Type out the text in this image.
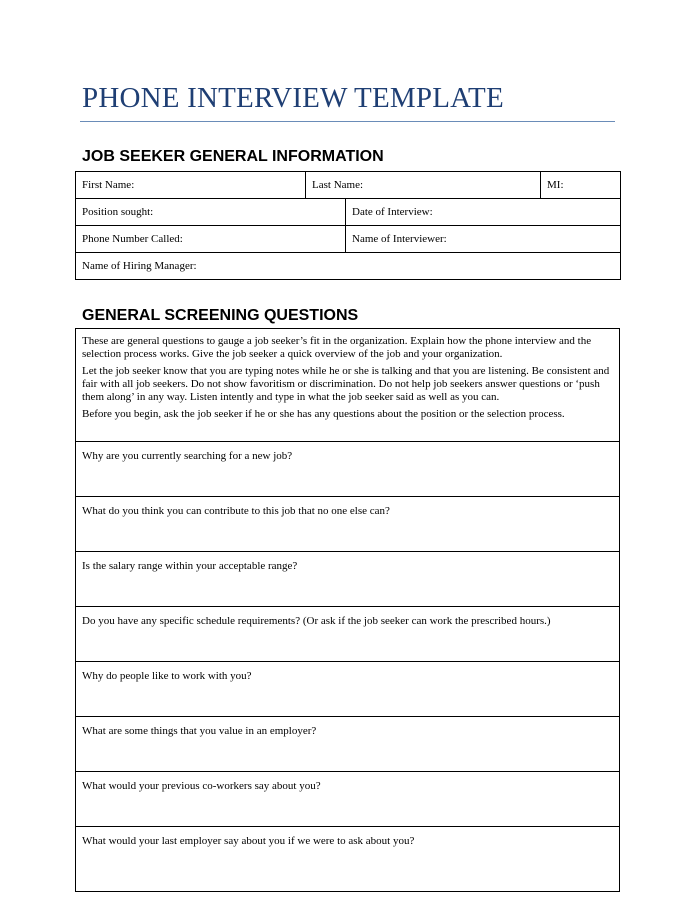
PHONE INTERVIEW TEMPLATE
JOB SEEKER GENERAL INFORMATION
First Name:	Last Name:		MI:
Position sought:		Date of Interview:	
Phone Number Called:		Name of Interviewer:	
Name of Hiring Manager:			
GENERAL SCREENING QUESTIONS

These are general questions to gauge a job seeker’s fit in the organization. Explain how the phone interview and the selection process works. Give the job seeker a quick overview of the job and your organization.

Let the job seeker know that you are typing notes while he or she is talking and that you are listening. Be consistent and fair with all job seekers. Do not show favoritism or discrimination. Do not help job seekers answer questions or ‘push them along’ in any way. Listen intently and type in what the job seeker said as well as you can.

Before you begin, ask the job seeker if he or she has any questions about the position or the selection process.

Why are you currently searching for a new job?
What do you think you can contribute to this job that no one else can?
Is the salary range within your acceptable range?
Do you have any specific schedule requirements? (Or ask if the job seeker can work the prescribed hours.)
Why do people like to work with you?
What are some things that you value in an employer?
What would your previous co-workers say about you?
What would your last employer say about you if we were to ask about you?
